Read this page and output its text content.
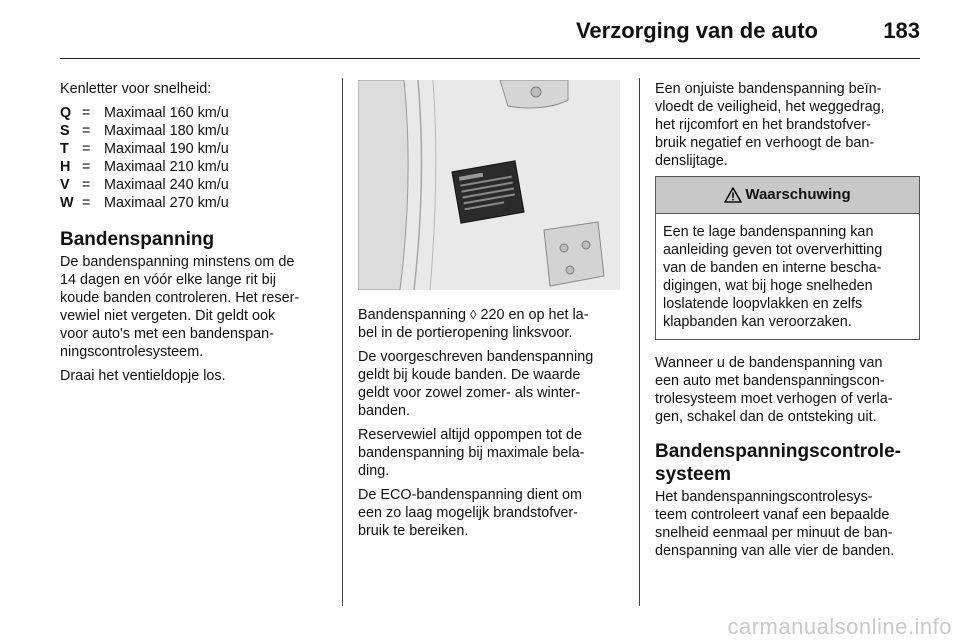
Verzorging van de auto	183

Kenletter voor snelheid:

Q = Maximaal 160 km/u
S = Maximaal 180 km/u
T = Maximaal 190 km/u
H = Maximaal 210 km/u
V = Maximaal 240 km/u
W = Maximaal 270 km/u
Bandenspanning

De bandenspanning minstens om de
14 dagen en vóór elke lange rit bij
koude banden controleren. Het reser-
vewiel niet vergeten. Dit geldt ook
voor auto's met een bandenspan-
ningscontrolesysteem.

Draai het ventieldopje los.

Bandenspanning ◊ 220 en op het la-
bel in de portieropening linksvoor.

De voorgeschreven bandenspanning
geldt bij koude banden. De waarde
geldt voor zowel zomer- als winter-
banden.

Reservewiel altijd oppompen tot de
bandenspanning bij maximale bela-
ding.

De ECO-bandenspanning dient om
een zo laag mogelijk brandstofver-
bruik te bereiken.

Een onjuiste bandenspanning beïn-
vloedt de veiligheid, het weggedrag,
het rijcomfort en het brandstofver-
bruik negatief en verhoogt de ban-
denslijtage.

Waarschuwing
Een te lage bandenspanning kan
aanleiding geven tot oververhitting
van de banden en interne bescha-
digingen, wat bij hoge snelheden
loslatende loopvlakken en zelfs
klapbanden kan veroorzaken.

Wanneer u de bandenspanning van
een auto met bandenspanningscon-
trolesysteem moet verhogen of verla-
gen, schakel dan de ontsteking uit.

Bandenspanningscontrole-
systeem

Het bandenspanningscontrolesys-
teem controleert vanaf een bepaalde
snelheid eenmaal per minuut de ban-
denspanning van alle vier de banden.

carmanualsonline.info
